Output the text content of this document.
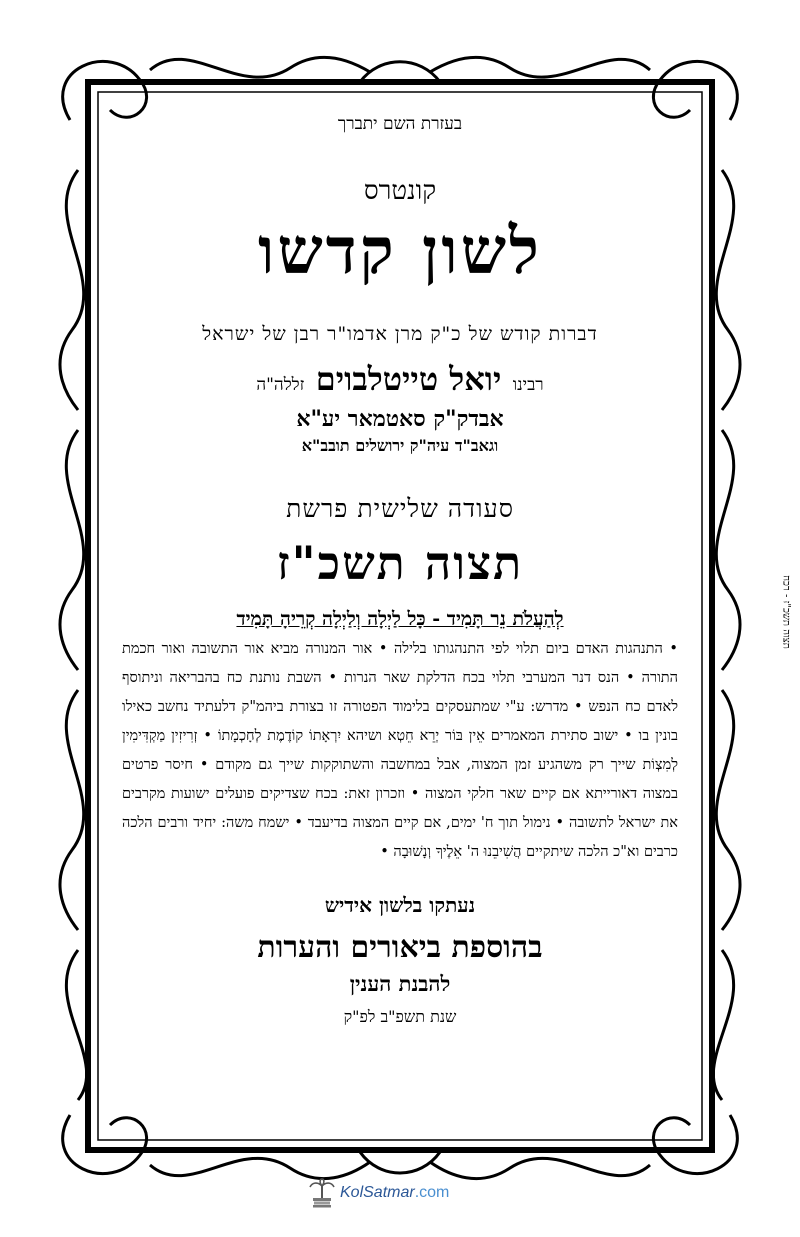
בעזרת השם יתברך
קונטרס
לשון קדשו
דברות קודש של כ"ק מרן אדמו"ר רבן של ישראל
רבינו יואל טייטלבוים זללה"ה
אבדק"ק סאטמאר יע"א
וגאב"ד עיה"ק ירושלים תובב"א
סעודה שלישית פרשת
תצוה תשכ"ז
לְהַעֲלֹת נֵר תָּמִיד - כָּל לַיְלָה וְלַיְלָה קְרֵיהָ תָּמִיד
• התנהגות האדם ביום תלוי לפי התנהגותו בלילה • אור המנורה מביא אור התשובה ואור חכמת התורה • הנס דנר המערבי תלוי בכח הדלקת שאר הנרות • השבת נותנת כח בהבריאה וניתוסף לאדם כח הנפש • מדרש: ע"י שמתעסקים בלימוד הפטורה זו בצורת ביהמ"ק דלעתיד נחשב כאילו בונין בו • ישוב סתירת המאמרים אֵין בּוֹר יְרֵא חֵטְא ושיהא יִרְאָתוֹ קוֹדֶמֶת לְחָכְמָתוֹ • זְרִיזִין מַקְדִּימִין לְמִצְוֹת שייך רק משהגיע זמן המצוה, אבל במחשבה והשתוקקות שייך גם מקודם • חיסר פרטים במצוה דאורייתא אם קיים שאר חלקי המצוה • וזכרון זאת: בכח שצדיקים פועלים ישועות מקרבים את ישראל לתשובה • נימול תוך ח' ימים, אם קיים המצוה בדיעבד • ישמח משה: יחיד ורבים הלכה כרבים וא"כ הלכה שיתקיים הֲשִׁיבֵנוּ ה' אֵלֶיךָ וְנָשׁוּבָה •
נעתקו בלשון אידיש
בהוספת ביאורים והערות
להבנת הענין
שנת תשפ"ב לפ"ק
תצוה תשכ"ז - רכח
KolSatmar.com
